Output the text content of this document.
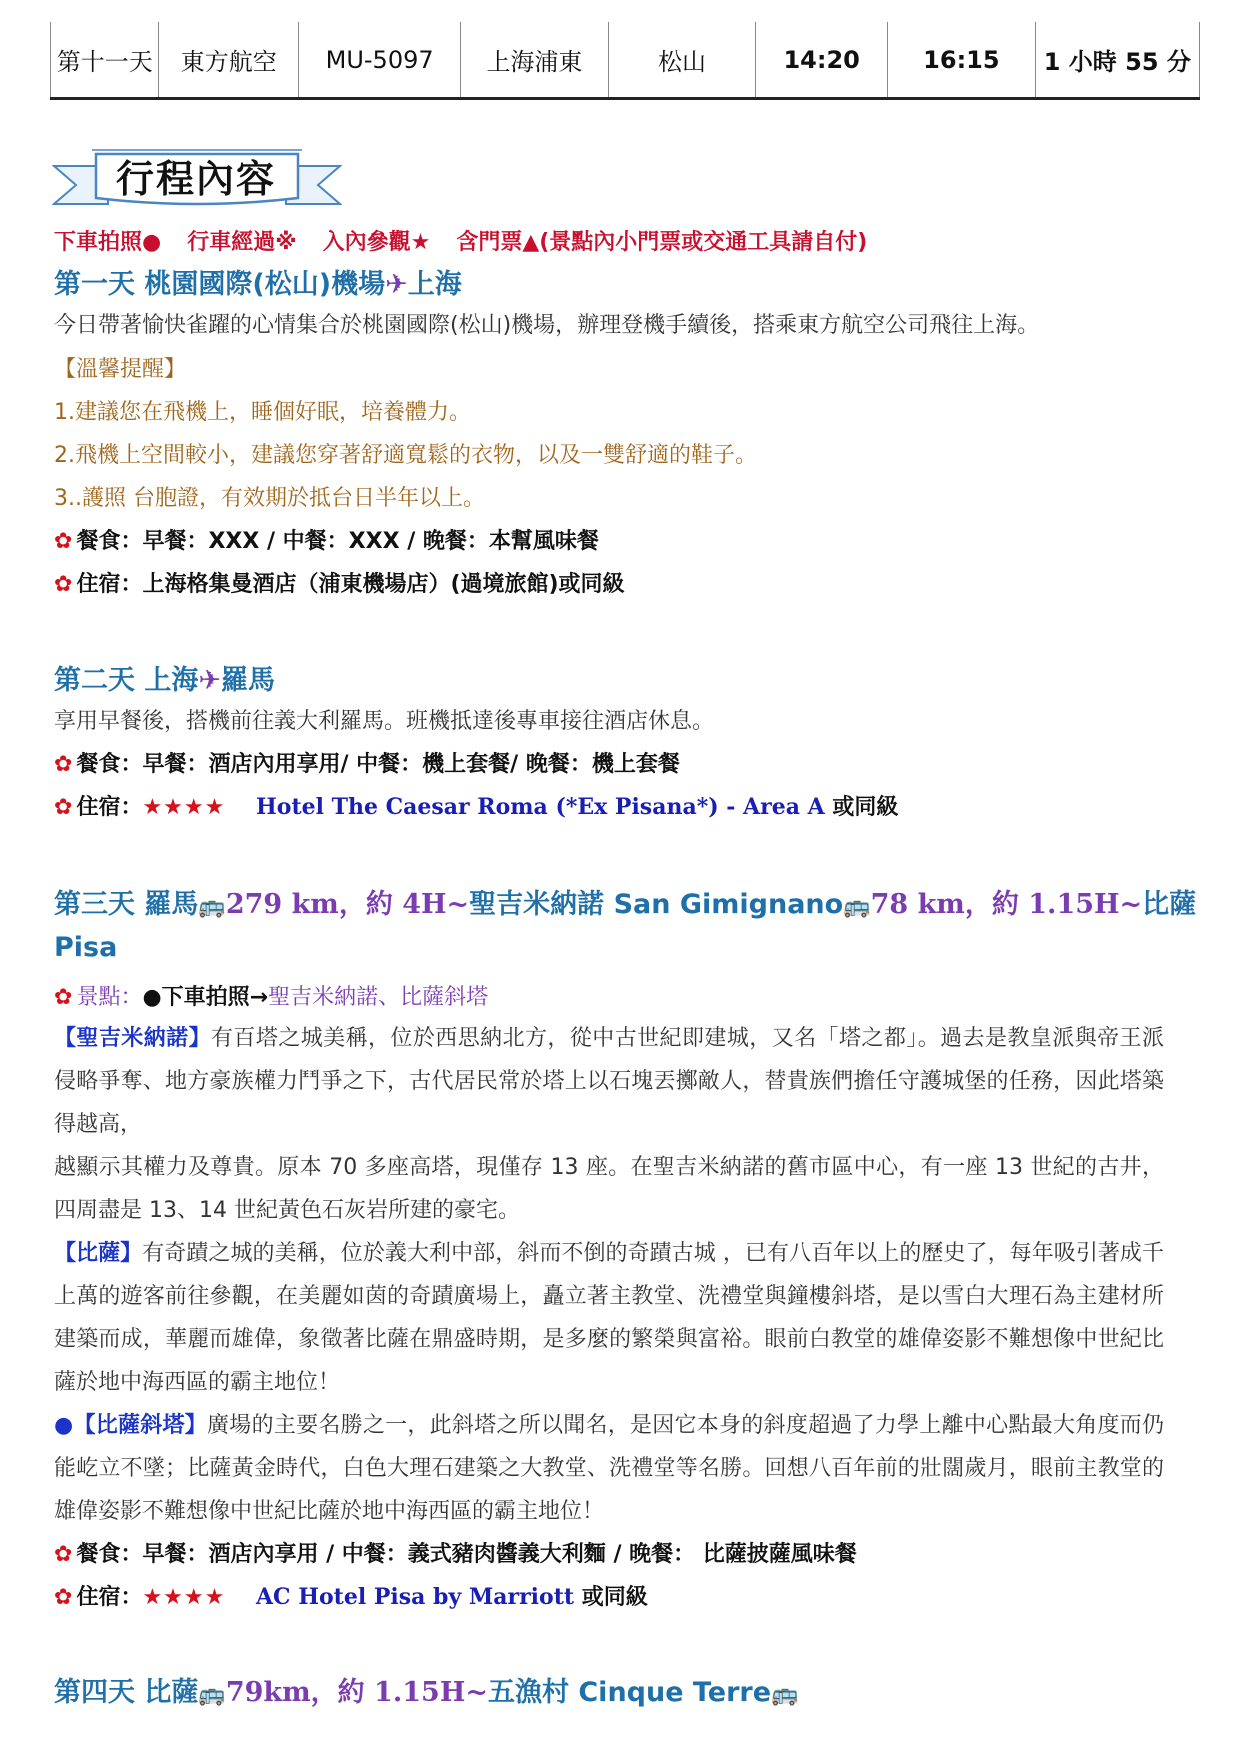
第十一天	東方航空	MU-5097	上海浦東	松山	14:20	16:15	1 小時 55 分
行程內容
下車拍照● 行車經過※ 入內參觀★ 含門票▲(景點內小門票或交通工具請自付)
第一天 桃園國際(松山)機場✈上海
今日帶著愉快雀躍的心情集合於桃園國際(松山)機場，辦理登機手續後，搭乘東方航空公司飛往上海。
【溫馨提醒】
1.建議您在飛機上，睡個好眠，培養體力。
2.飛機上空間較小，建議您穿著舒適寬鬆的衣物，以及一雙舒適的鞋子。
3..護照 台胞證，有效期於抵台日半年以上。
✿ 餐食：早餐：XXX / 中餐：XXX / 晚餐：本幫風味餐
✿ 住宿：上海格集曼酒店（浦東機場店）(過境旅館)或同級
第二天 上海✈羅馬
享用早餐後，搭機前往義大利羅馬。班機抵達後專車接往酒店休息。
✿ 餐食：早餐：酒店內用享用/ 中餐：機上套餐/ 晚餐：機上套餐
✿ 住宿：★★★★ Hotel The Caesar Roma (*Ex Pisana*) - Area A 或同級
第三天 羅馬🚌279 km，約 4H~聖吉米納諾 San Gimignano🚌78 km，約 1.15H~比薩
Pisa
✿ 景點：●下車拍照→聖吉米納諾、比薩斜塔

【聖吉米納諾】有百塔之城美稱，位於西思納北方，從中古世紀即建城，又名「塔之都」。過去是教皇派與帝王派侵略爭奪、地方豪族權力鬥爭之下，古代居民常於塔上以石塊丟擲敵人，替貴族們擔任守護城堡的任務，因此塔築得越高，

越顯示其權力及尊貴。原本 70 多座高塔，現僅存 13 座。在聖吉米納諾的舊市區中心，有一座 13 世紀的古井，四周盡是 13、14 世紀黃色石灰岩所建的豪宅。

【比薩】有奇蹟之城的美稱，位於義大利中部，斜而不倒的奇蹟古城 ，已有八百年以上的歷史了，每年吸引著成千上萬的遊客前往參觀，在美麗如茵的奇蹟廣場上，矗立著主教堂、洗禮堂與鐘樓斜塔，是以雪白大理石為主建材所建築而成，華麗而雄偉，象徵著比薩在鼎盛時期，是多麼的繁榮與富裕。眼前白教堂的雄偉姿影不難想像中世紀比薩於地中海西區的霸主地位！

●【比薩斜塔】廣場的主要名勝之一，此斜塔之所以聞名，是因它本身的斜度超過了力學上離中心點最大角度而仍能屹立不墜；比薩黃金時代，白色大理石建築之大教堂、洗禮堂等名勝。回想八百年前的壯闊歲月，眼前主教堂的雄偉姿影不難想像中世紀比薩於地中海西區的霸主地位！

✿ 餐食：早餐：酒店內享用 / 中餐：義式豬肉醬義大利麵 / 晚餐： 比薩披薩風味餐
✿ 住宿：★★★★ AC Hotel Pisa by Marriott 或同級
第四天 比薩🚌79km，約 1.15H~五漁村 Cinque Terre🚌
